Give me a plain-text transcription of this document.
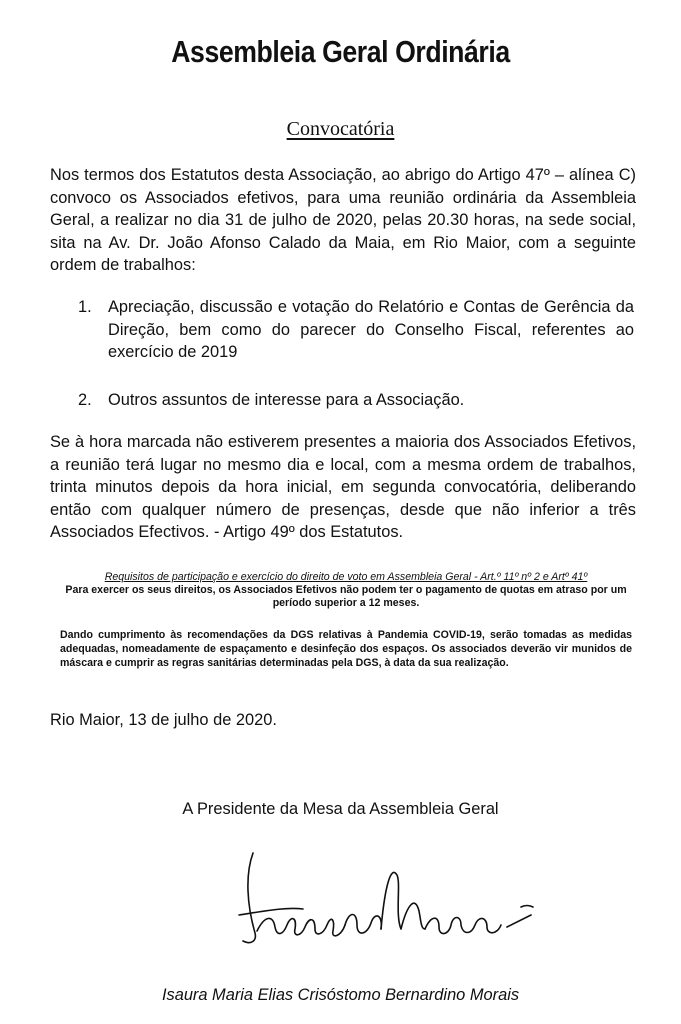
Assembleia Geral Ordinária
Convocatória

Nos termos dos Estatutos desta Associação, ao abrigo do Artigo 47º – alínea C) convoco os Associados efetivos, para uma reunião ordinária da Assembleia Geral, a realizar no dia 31 de julho de 2020, pelas 20.30 horas, na sede social, sita na Av. Dr. João Afonso Calado da Maia, em Rio Maior, com a seguinte ordem de trabalhos:

1. Apreciação, discussão e votação do Relatório e Contas de Gerência da Direção, bem como do parecer do Conselho Fiscal, referentes ao exercício de 2019
2. Outros assuntos de interesse para a Associação.

Se à hora marcada não estiverem presentes a maioria dos Associados Efetivos, a reunião terá lugar no mesmo dia e local, com a mesma ordem de trabalhos, trinta minutos depois da hora inicial, em segunda convocatória, deliberando então com qualquer número de presenças, desde que não inferior a três Associados Efectivos. - Artigo 49º dos Estatutos.

Requisitos de participação e exercício do direito de voto em Assembleia Geral - Art.º 11º nº 2 e Artº 41º
Para exercer os seus direitos, os Associados Efetivos não podem ter o pagamento de quotas em atraso por um período superior a 12 meses.

Dando cumprimento às recomendações da DGS relativas à Pandemia COVID-19, serão tomadas as medidas adequadas, nomeadamente de espaçamento e desinfeção dos espaços. Os associados deverão vir munidos de máscara e cumprir as regras sanitárias determinadas pela DGS, à data da sua realização.

Rio Maior, 13 de julho de 2020.

A Presidente da Mesa da Assembleia Geral

Isaura Maria Elias Crisóstomo Bernardino Morais
